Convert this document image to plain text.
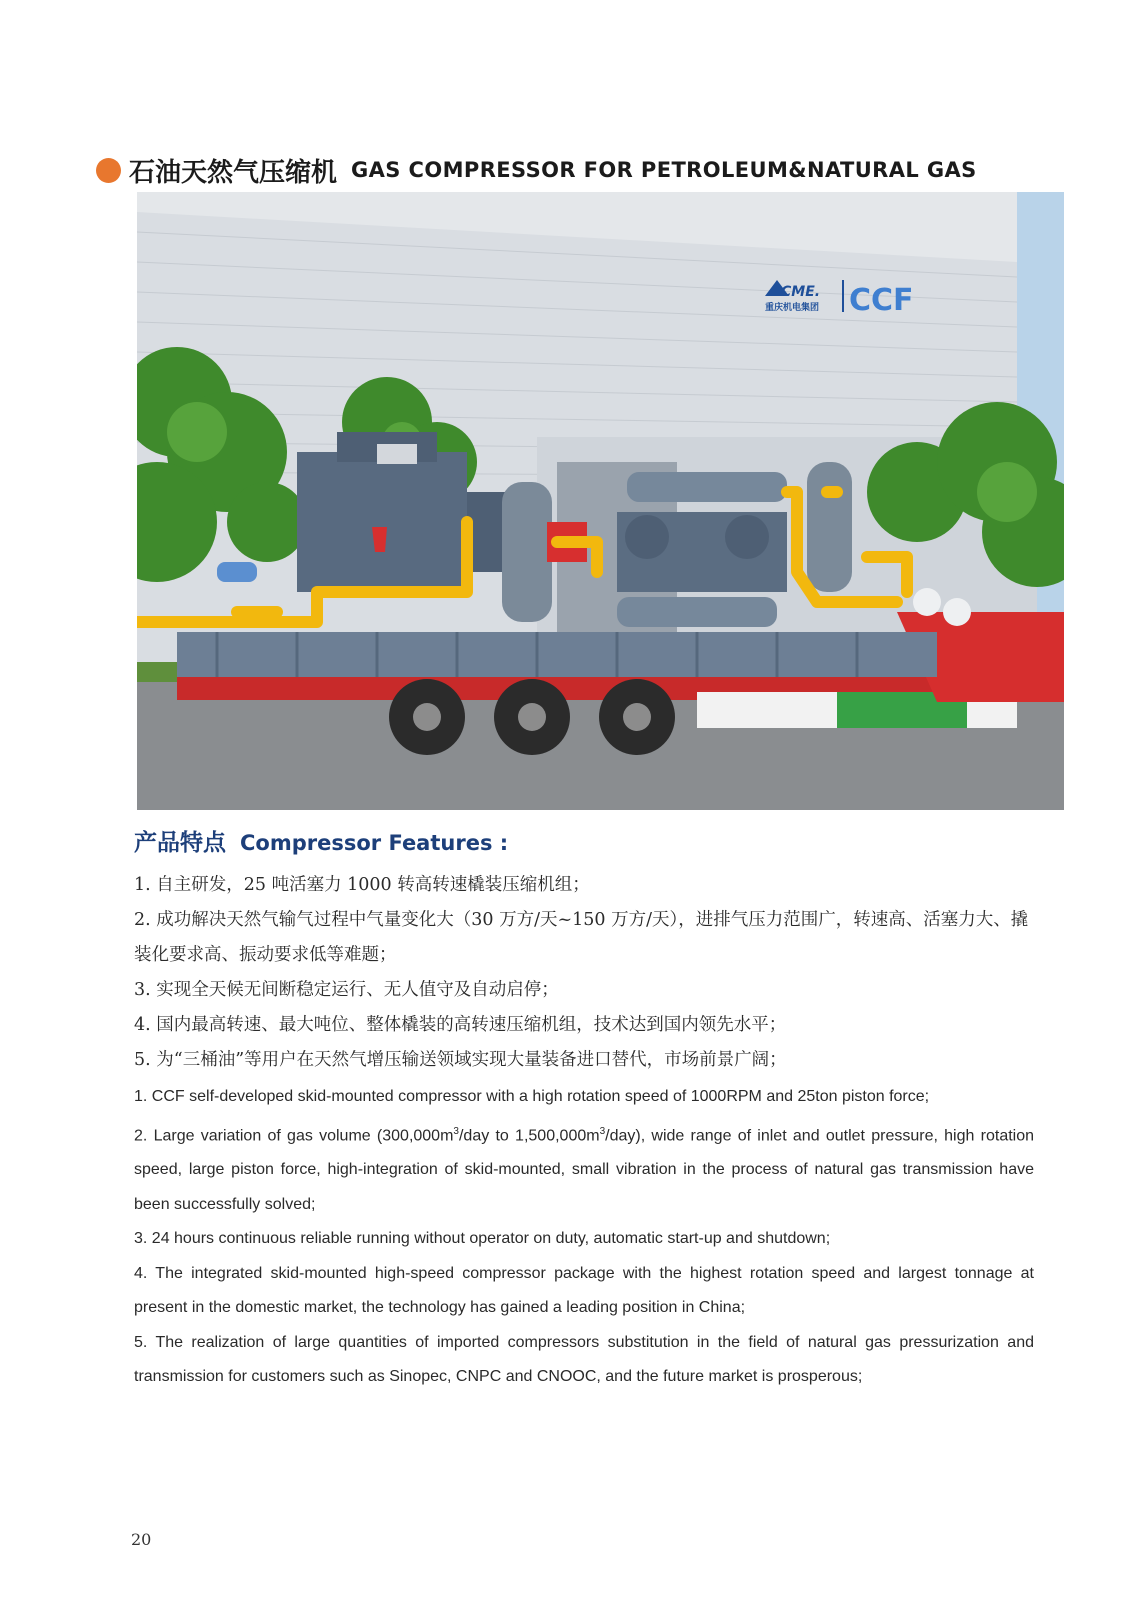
石油天然气压缩机 GAS COMPRESSOR FOR PETROLEUM&NATURAL GAS
CME.
重庆机电集团 CCF
产品特点 Compressor Features :

1. 自主研发，25 吨活塞力 1000 转高转速橇装压缩机组；

2. 成功解决天然气输气过程中气量变化大（30 万方/天~150 万方/天），进排气压力范围广，转速高、活塞力大、撬装化要求高、振动要求低等难题；

3. 实现全天候无间断稳定运行、无人值守及自动启停；

4. 国内最高转速、最大吨位、整体橇装的高转速压缩机组，技术达到国内领先水平；

5. 为“三桶油”等用户在天然气增压输送领域实现大量装备进口替代，市场前景广阔；

1. CCF self-developed skid-mounted compressor with a high rotation speed of 1000RPM and 25ton piston force;

2. Large variation of gas volume ($300,000m^3$/day to $1,500,000m^3/day$), wide range of inlet and outlet pressure, high rotation speed, large piston force, high-integration of skid-mounted, small vibration in the process of natural gas transmission have been successfully solved;

3. 24 hours continuous reliable running without operator on duty, automatic start-up and shutdown;

4. The integrated skid-mounted high-speed compressor package with the highest rotation speed and largest tonnage at present in the domestic market, the technology has gained a leading position in China;

5. The realization of large quantities of imported compressors substitution in the field of natural gas pressurization and transmission for customers such as Sinopec, CNPC and CNOOC, and the future market is prosperous;

20
